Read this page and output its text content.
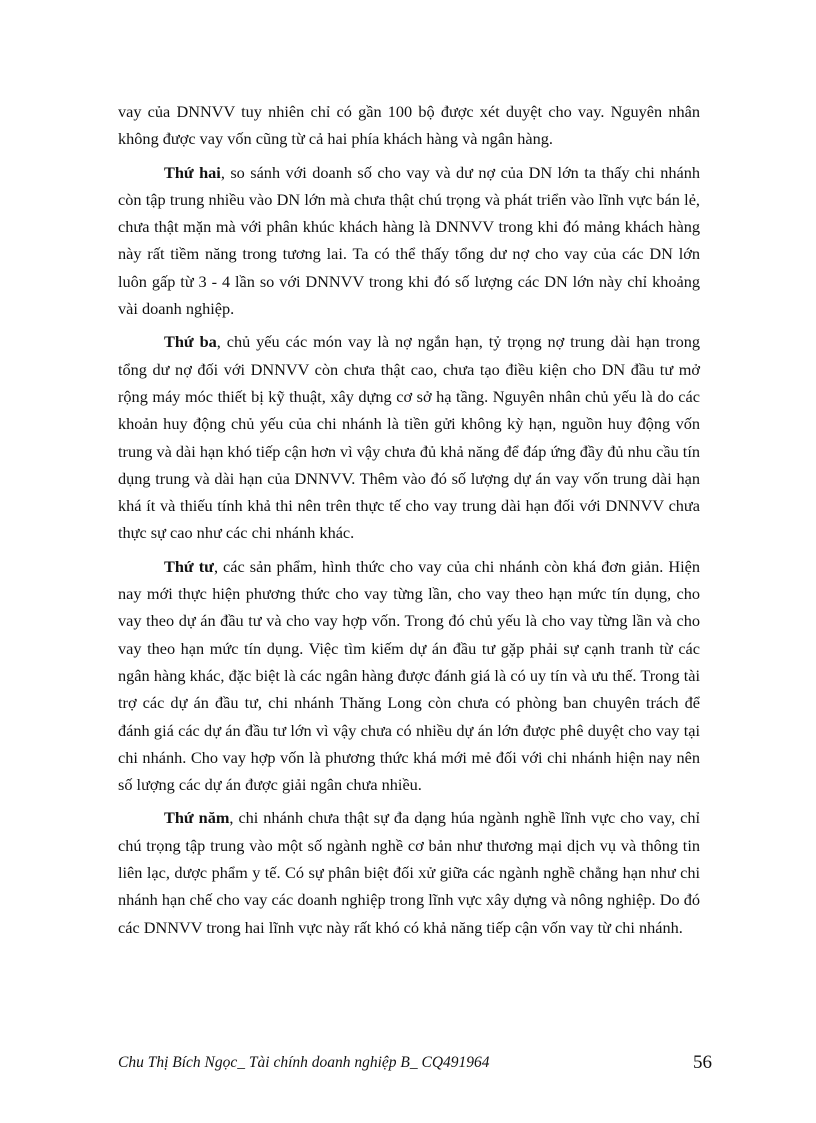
vay của DNNVV tuy nhiên chỉ có gần 100 bộ được xét duyệt cho vay. Nguyên nhân không được vay vốn cũng từ cả hai phía khách hàng và ngân hàng.

Thứ hai, so sánh với doanh số cho vay và dư nợ của DN lớn ta thấy chi nhánh còn tập trung nhiều vào DN lớn mà chưa thật chú trọng và phát triển vào lĩnh vực bán lẻ, chưa thật mặn mà với phân khúc khách hàng là DNNVV trong khi đó mảng khách hàng này rất tiềm năng trong tương lai. Ta có thể thấy tổng dư nợ cho vay của các DN lớn luôn gấp từ 3 - 4 lần so với DNNVV trong khi đó số lượng các DN lớn này chỉ khoảng vài doanh nghiệp.

Thứ ba, chủ yếu các món vay là nợ ngắn hạn, tỷ trọng nợ trung dài hạn trong tổng dư nợ đối với DNNVV còn chưa thật cao, chưa tạo điều kiện cho DN đầu tư mở rộng máy móc thiết bị kỹ thuật, xây dựng cơ sở hạ tầng. Nguyên nhân chủ yếu là do các khoản huy động chủ yếu của chi nhánh là tiền gửi không kỳ hạn, nguồn huy động vốn trung và dài hạn khó tiếp cận hơn vì vậy chưa đủ khả năng để đáp ứng đầy đủ nhu cầu tín dụng trung và dài hạn của DNNVV. Thêm vào đó số lượng dự án vay vốn trung dài hạn khá ít và thiếu tính khả thi nên trên thực tế cho vay trung dài hạn đối với DNNVV chưa thực sự cao như các chi nhánh khác.

Thứ tư, các sản phẩm, hình thức cho vay của chi nhánh còn khá đơn giản. Hiện nay mới thực hiện phương thức cho vay từng lần, cho vay theo hạn mức tín dụng, cho vay theo dự án đầu tư và cho vay hợp vốn. Trong đó chủ yếu là cho vay từng lần và cho vay theo hạn mức tín dụng. Việc tìm kiếm dự án đầu tư gặp phải sự cạnh tranh từ các ngân hàng khác, đặc biệt là các ngân hàng được đánh giá là có uy tín và ưu thế. Trong tài trợ các dự án đầu tư, chi nhánh Thăng Long còn chưa có phòng ban chuyên trách để đánh giá các dự án đầu tư lớn vì vậy chưa có nhiều dự án lớn được phê duyệt cho vay tại chi nhánh. Cho vay hợp vốn là phương thức khá mới mẻ đối với chi nhánh hiện nay nên số lượng các dự án được giải ngân chưa nhiều.

Thứ năm, chi nhánh chưa thật sự đa dạng húa ngành nghề lĩnh vực cho vay, chỉ chú trọng tập trung vào một số ngành nghề cơ bản như thương mại dịch vụ và thông tin liên lạc, dược phẩm y tế. Có sự phân biệt đối xử giữa các ngành nghề chẳng hạn như chi nhánh hạn chế cho vay các doanh nghiệp trong lĩnh vực xây dựng và nông nghiệp. Do đó các DNNVV trong hai lĩnh vực này rất khó có khả năng tiếp cận vốn vay từ chi nhánh.

Chu Thị Bích Ngọc_ Tài chính doanh nghiệp B_ CQ491964	56
